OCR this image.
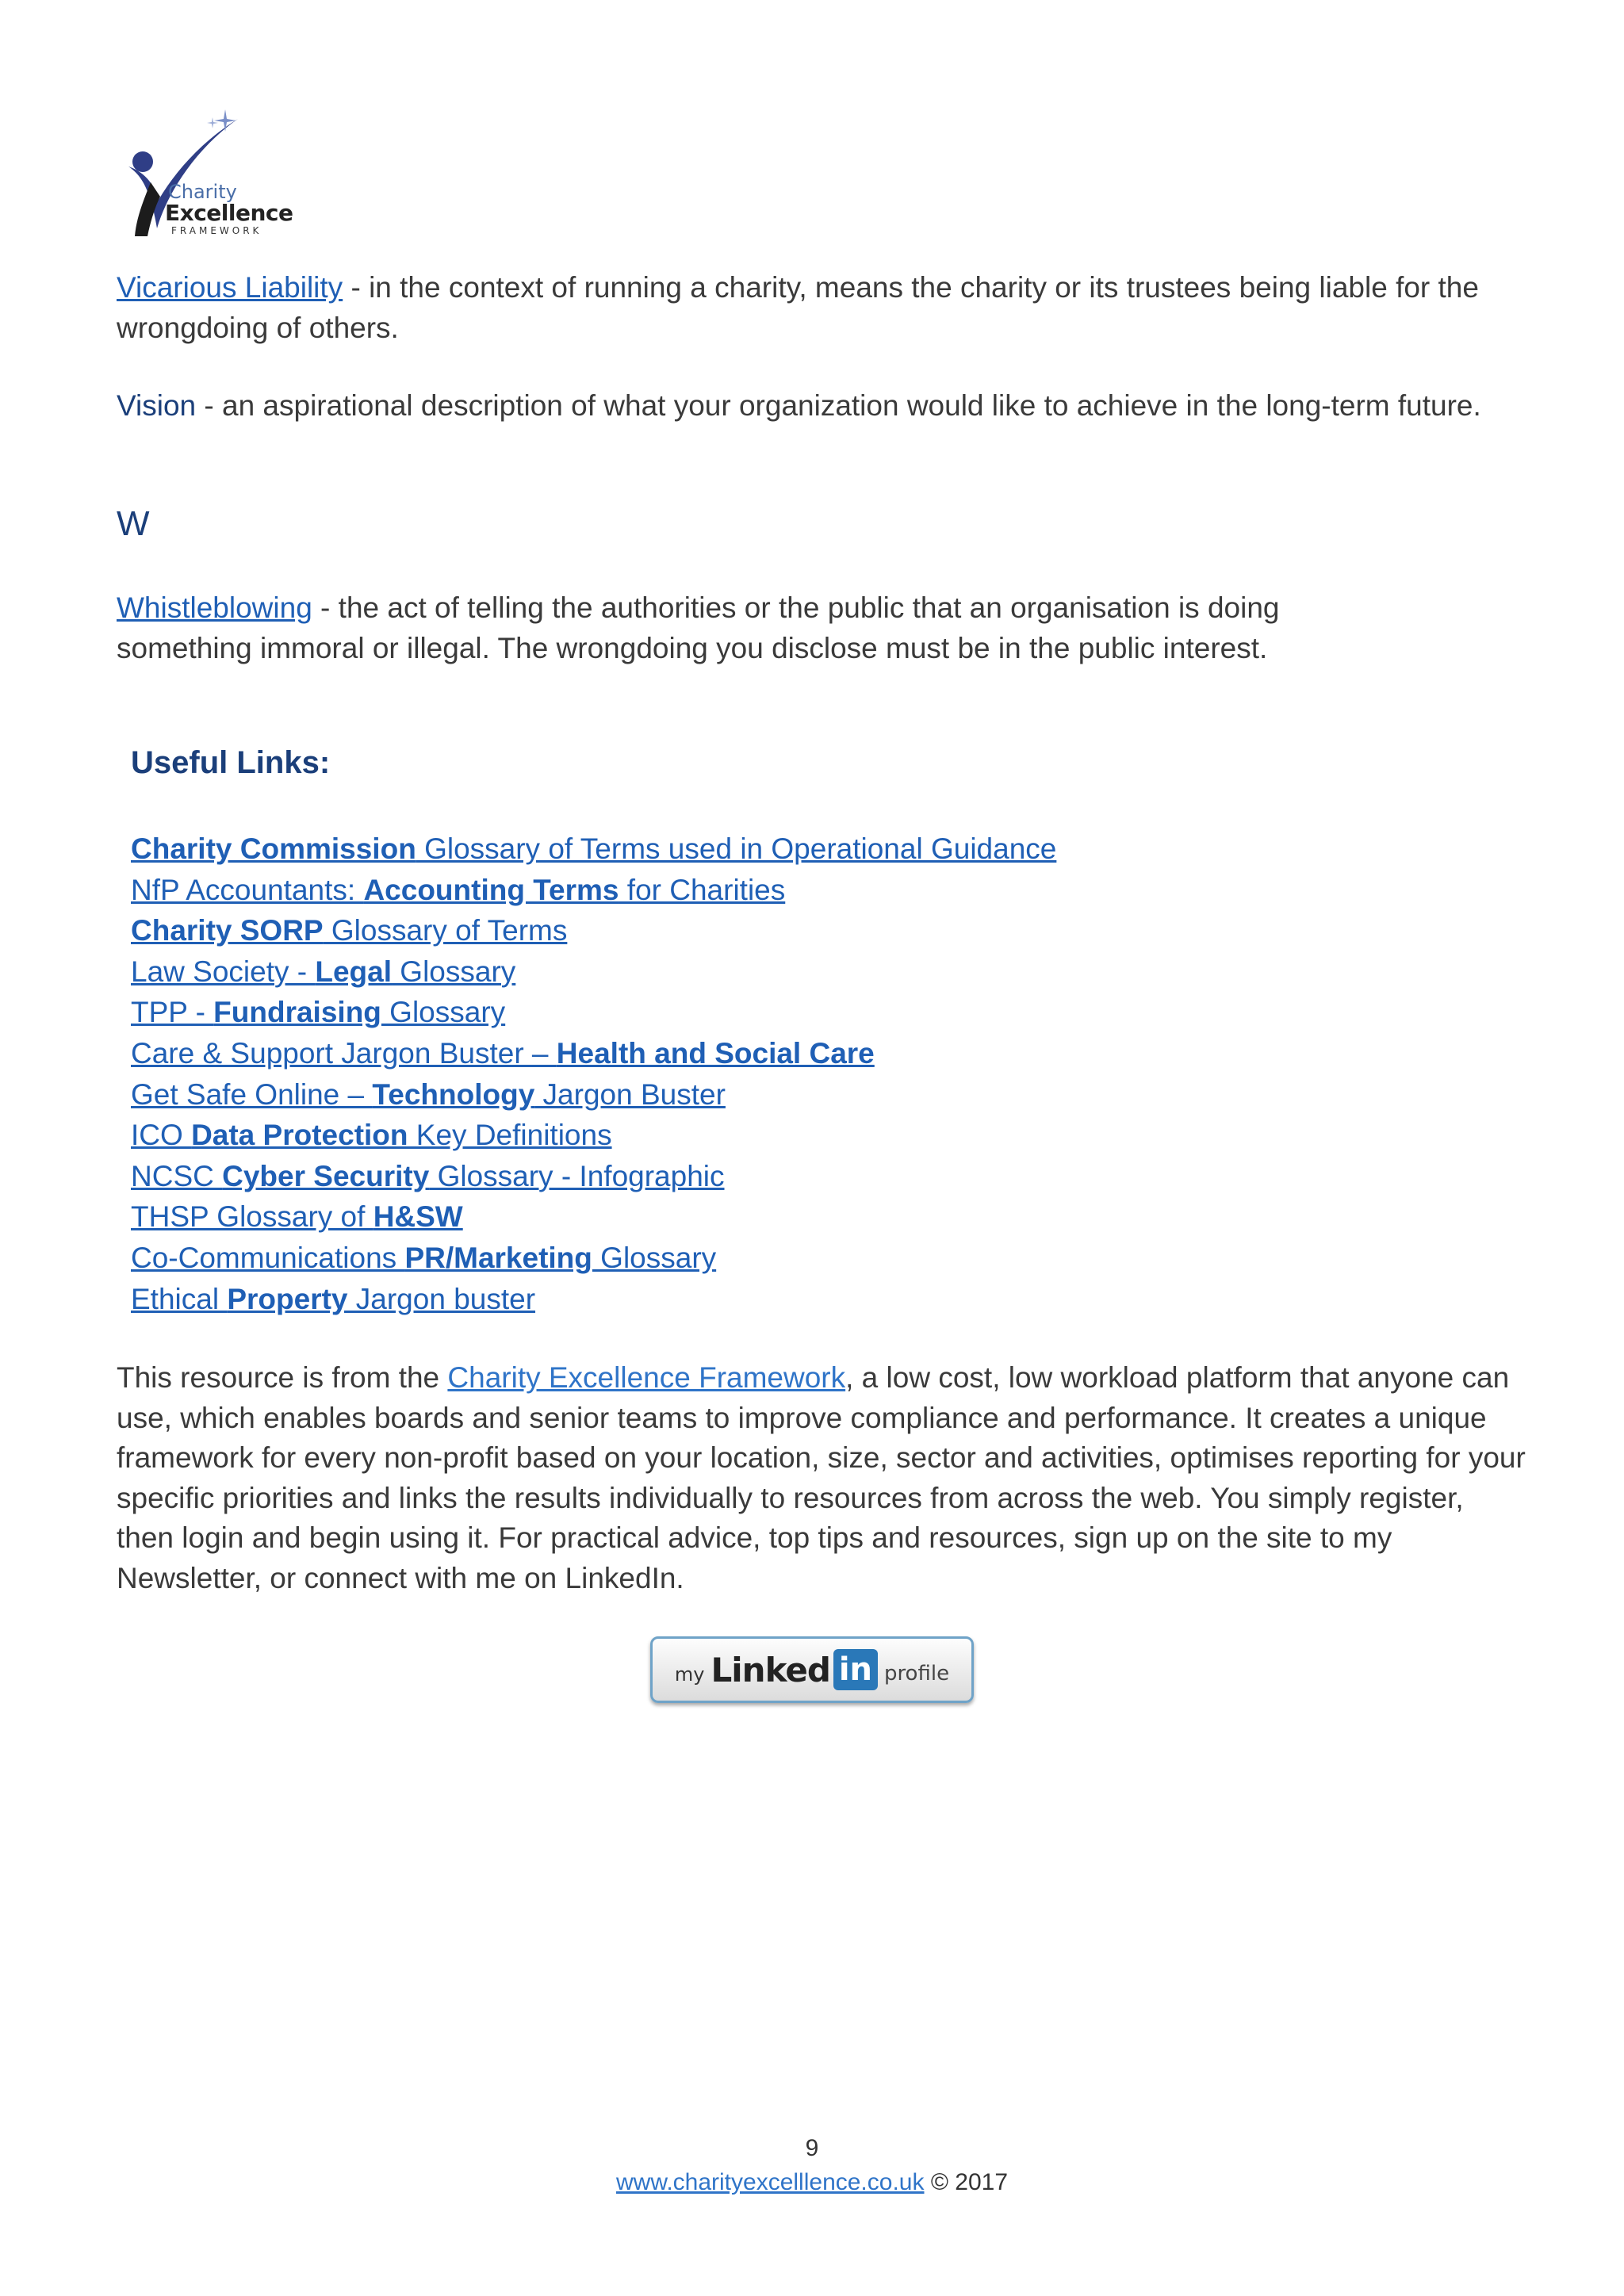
Charity
Excellence
FRAMEWORK

Vicarious Liability - in the context of running a charity, means the charity or its trustees being liable for the wrongdoing of others.

Vision - an aspirational description of what your organization would like to achieve in the long-term future.

W

Whistleblowing - the act of telling the authorities or the public that an organisation is doing something immoral or illegal. The wrongdoing you disclose must be in the public interest.

Useful Links:
Charity Commission Glossary of Terms used in Operational Guidance
NfP Accountants: Accounting Terms for Charities
Charity SORP Glossary of Terms
Law Society - Legal Glossary
TPP - Fundraising Glossary
Care & Support Jargon Buster – Health and Social Care
Get Safe Online – Technology Jargon Buster
ICO Data Protection Key Definitions
NCSC Cyber Security Glossary - Infographic
THSP Glossary of H&SW
Co-Communications PR/Marketing Glossary
Ethical Property Jargon buster

This resource is from the Charity Excellence Framework, a low cost, low workload platform that anyone can use, which enables boards and senior teams to improve compliance and performance. It creates a unique framework for every non-profit based on your location, size, sector and activities, optimises reporting for your specific priorities and links the results individually to resources from across the web. You simply register, then login and begin using it. For practical advice, top tips and resources, sign up on the site to my Newsletter, or connect with me on LinkedIn.

my Linked in profile
9
www.charityexcelllence.co.uk © 2017
